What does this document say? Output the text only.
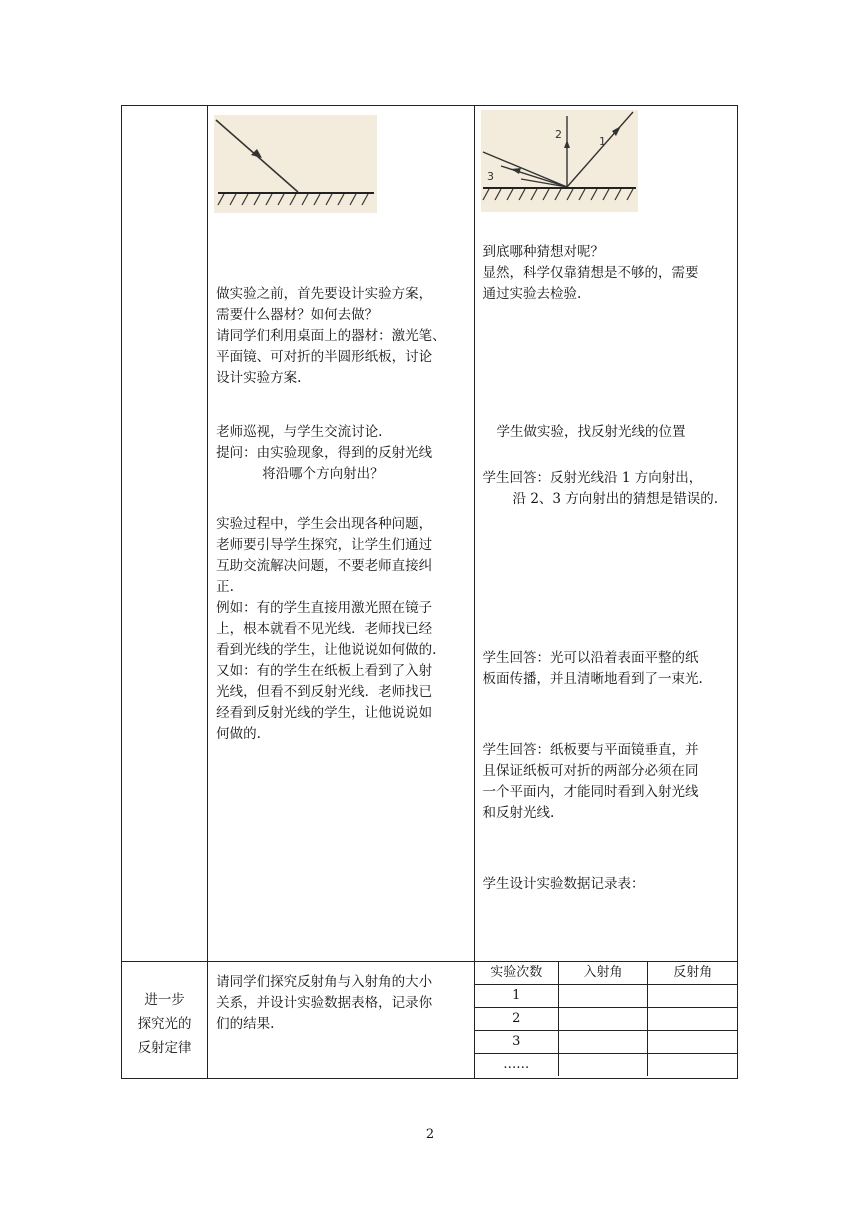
做实验之前，首先要设计实验方案，

需要什么器材？如何去做？

请同学们利用桌面上的器材：激光笔、

平面镜、可对折的半圆形纸板，讨论

设计实验方案.

老师巡视，与学生交流讨论.

提问：由实验现象，得到的反射光线

将沿哪个方向射出？

实验过程中，学生会出现各种问题，

老师要引导学生探究，让学生们通过

互助交流解决问题，不要老师直接纠

正.

例如：有的学生直接用激光照在镜子

上，根本就看不见光线．老师找已经

看到光线的学生，让他说说如何做的.

又如：有的学生在纸板上看到了入射

光线，但看不到反射光线．老师找已

经看到反射光线的学生，让他说说如

何做的.

2
1
3

到底哪种猜想对呢？

显然，科学仅靠猜想是不够的，需要

通过实验去检验.

学生做实验，找反射光线的位置

学生回答：反射光线沿 1 方向射出，

沿 2、3 方向射出的猜想是错误的.

学生回答：光可以沿着表面平整的纸

板面传播，并且清晰地看到了一束光.

学生回答：纸板要与平面镜垂直，并

且保证纸板可对折的两部分必须在同

一个平面内，才能同时看到入射光线

和反射光线.

学生设计实验数据记录表：

进一步
探究光的
反射定律

请同学们探究反射角与入射角的大小

关系，并设计实验数据表格，记录你

们的结果.

实验次数	入射角	反射角
1		
2		
3		
……		
2
